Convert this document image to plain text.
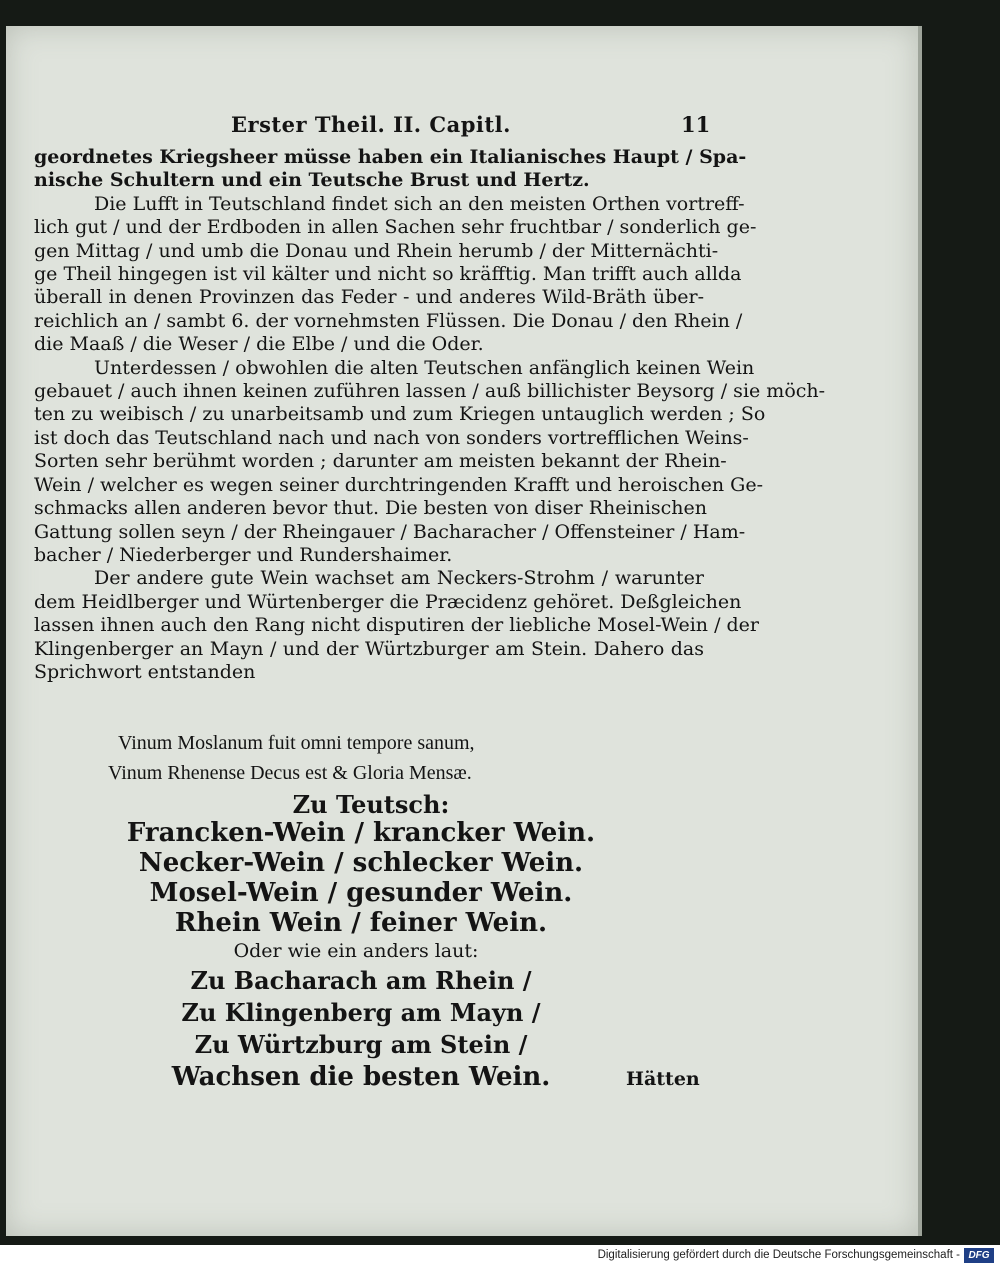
Erster Theil. II. Capitl.	11
geordnetes Kriegsheer müsse haben ein Italianisches Haupt / Spa-
nische Schultern und ein Teutsche Brust und Hertz.
Die Lufft in Teutschland findet sich an den meisten Orthen vortreff-
lich gut / und der Erdboden in allen Sachen sehr fruchtbar / sonderlich ge-
gen Mittag / und umb die Donau und Rhein herumb / der Mitternächti-
ge Theil hingegen ist vil kälter und nicht so kräfftig. Man trifft auch allda
überall in denen Provinzen das Feder - und anderes Wild-Bräth über-
reichlich an / sambt 6. der vornehmsten Flüssen. Die Donau / den Rhein /
die Maaß / die Weser / die Elbe / und die Oder.
Unterdessen / obwohlen die alten Teutschen anfänglich keinen Wein
gebauet / auch ihnen keinen zuführen lassen / auß billichister Beysorg / sie möch-
ten zu weibisch / zu unarbeitsamb und zum Kriegen untauglich werden ; So
ist doch das Teutschland nach und nach von sonders vortrefflichen Weins-
Sorten sehr berühmt worden ; darunter am meisten bekannt der Rhein-
Wein / welcher es wegen seiner durchtringenden Krafft und heroischen Ge-
schmacks allen anderen bevor thut. Die besten von diser Rheinischen
Gattung sollen seyn / der Rheingauer / Bacharacher / Offensteiner / Ham-
bacher / Niederberger und Rundershaimer.
Der andere gute Wein wachset am Neckers-Strohm / warunter
dem Heidlberger und Würtenberger die Præcidenz gehöret. Deßgleichen
lassen ihnen auch den Rang nicht disputiren der liebliche Mosel-Wein / der
Klingenberger an Mayn / und der Würtzburger am Stein. Dahero das
Sprichwort entstanden
Vinum Moslanum fuit omni tempore sanum,
Vinum Rhenense Decus est & Gloria Mensæ.
Zu Teutsch:
Francken-Wein / krancker Wein.
Necker-Wein / schlecker Wein.
Mosel-Wein / gesunder Wein.
Rhein Wein / feiner Wein.
Oder wie ein anders laut:
Zu Bacharach am Rhein /
Zu Klingenberg am Mayn /
Zu Würtzburg am Stein /
Wachsen die besten Wein.	Hätten
Digitalisierung gefördert durch die Deutsche Forschungsgemeinschaft - DFG
